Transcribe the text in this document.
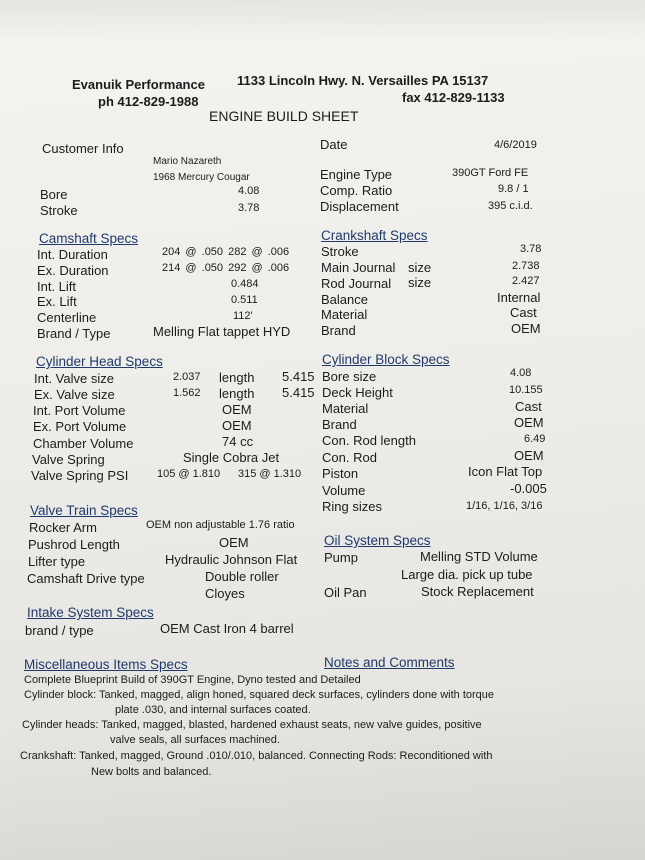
Evanuik Performance 1133 Lincoln Hwy. N. Versailles PA 15137
ph 412-829-1988	fax 412-829-1133
ENGINE BUILD SHEET
Customer Info	Date	4/6/2019
Mario Nazareth
1968 Mercury Cougar
Bore	4.08
Stroke	3.78
Engine Type	390GT Ford FE
Comp. Ratio	9.8 / 1
Displacement	395 c.i.d.
Camshaft Specs
Int. Duration	204 @ .050 282 @ .006
Ex. Duration	214 @ .050 292 @ .006
Int. Lift	0.484
Ex. Lift	0.511
Centerline	112'
Brand / Type	Melling Flat tappet HYD
Crankshaft Specs
Stroke	3.78
Main Journal size	2.738
Rod Journal size	2.427
Balance	Internal
Material	Cast
Brand	OEM
Cylinder Head Specs
Int. Valve size	2.037 length 5.415
Ex. Valve size	1.562 length 5.415
Int. Port Volume	OEM
Ex. Port Volume	OEM
Chamber Volume	74 cc
Valve Spring	Single Cobra Jet
Valve Spring PSI	105 @ 1.810 315 @ 1.310
Cylinder Block Specs
Bore size	4.08
Deck Height	10.155
Material	Cast
Brand	OEM
Con. Rod length	6.49
Con. Rod	OEM
Piston	Icon Flat Top
Volume	-0.005
Ring sizes	1/16, 1/16, 3/16
Valve Train Specs
Rocker Arm	OEM non adjustable 1.76 ratio
Pushrod Length	OEM
Lifter type	Hydraulic Johnson Flat
Camshaft Drive type	Double roller
Cloyes
Oil System Specs
Pump	Melling STD Volume
Large dia. pick up tube
Oil Pan	Stock Replacement
Intake System Specs
brand / type	OEM Cast Iron 4 barrel
Miscellaneous Items Specs	Notes and Comments
Complete Blueprint Build of 390GT Engine, Dyno tested and Detailed
Cylinder block: Tanked, magged, align honed, squared deck surfaces, cylinders done with torque
plate .030, and internal surfaces coated.
Cylinder heads: Tanked, magged, blasted, hardened exhaust seats, new valve guides, positive
valve seals, all surfaces machined.
Crankshaft: Tanked, magged, Ground .010/.010, balanced. Connecting Rods: Reconditioned with
New bolts and balanced.
